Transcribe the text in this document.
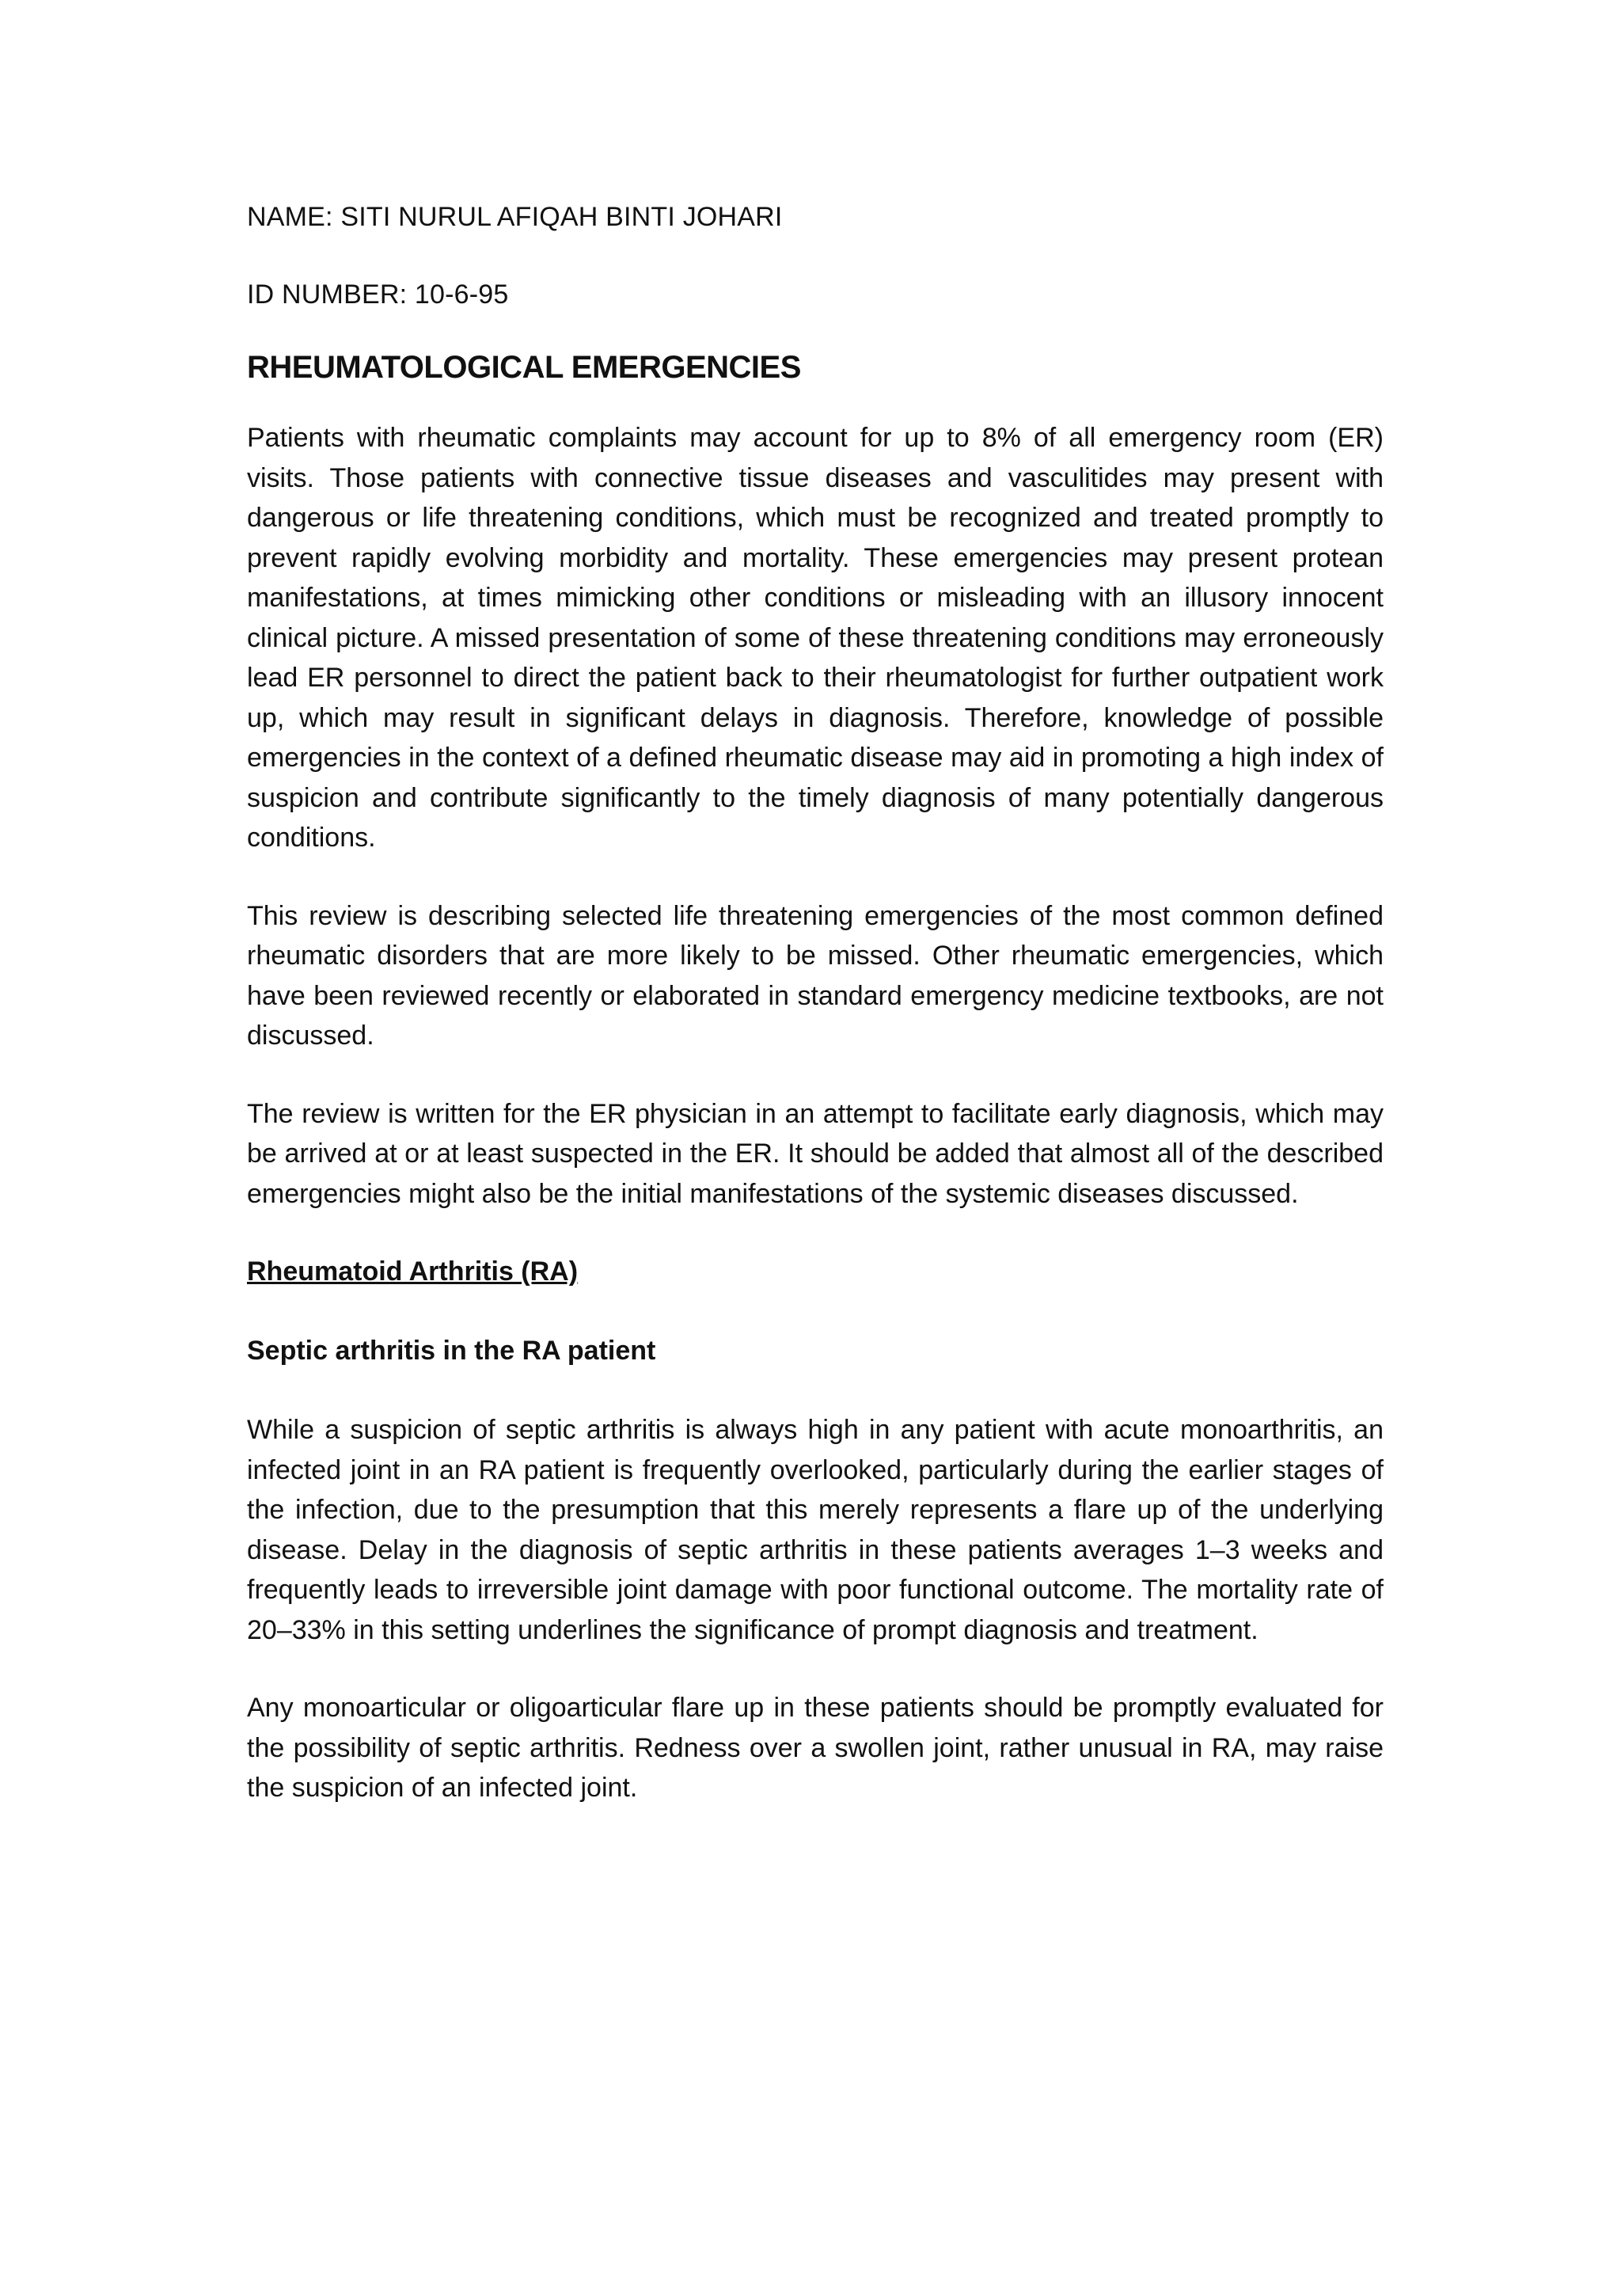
NAME: SITI NURUL AFIQAH BINTI JOHARI

ID NUMBER: 10-6-95

RHEUMATOLOGICAL EMERGENCIES

Patients with rheumatic complaints may account for up to 8% of all emergency room (ER) visits. Those patients with connective tissue diseases and vasculitides may present with dangerous or life threatening conditions, which must be recognized and treated promptly to prevent rapidly evolving morbidity and mortality. These emergencies may present protean manifestations, at times mimicking other conditions or misleading with an illusory innocent clinical picture. A missed presentation of some of these threatening conditions may erroneously lead ER personnel to direct the patient back to their rheumatologist for further outpatient work up, which may result in significant delays in diagnosis. Therefore, knowledge of possible emergencies in the context of a defined rheumatic disease may aid in promoting a high index of suspicion and contribute significantly to the timely diagnosis of many potentially dangerous conditions.

This review is describing selected life threatening emergencies of the most common defined rheumatic disorders that are more likely to be missed. Other rheumatic emergencies, which have been reviewed recently or elaborated in standard emergency medicine textbooks, are not discussed.

The review is written for the ER physician in an attempt to facilitate early diagnosis, which may be arrived at or at least suspected in the ER. It should be added that almost all of the described emergencies might also be the initial manifestations of the systemic diseases discussed.

Rheumatoid Arthritis (RA)
Septic arthritis in the RA patient

While a suspicion of septic arthritis is always high in any patient with acute monoarthritis, an infected joint in an RA patient is frequently overlooked, particularly during the earlier stages of the infection, due to the presumption that this merely represents a flare up of the underlying disease. Delay in the diagnosis of septic arthritis in these patients averages 1–3 weeks and frequently leads to irreversible joint damage with poor functional outcome. The mortality rate of 20–33% in this setting underlines the significance of prompt diagnosis and treatment.

Any monoarticular or oligoarticular flare up in these patients should be promptly evaluated for the possibility of septic arthritis. Redness over a swollen joint, rather unusual in RA, may raise the suspicion of an infected joint.
